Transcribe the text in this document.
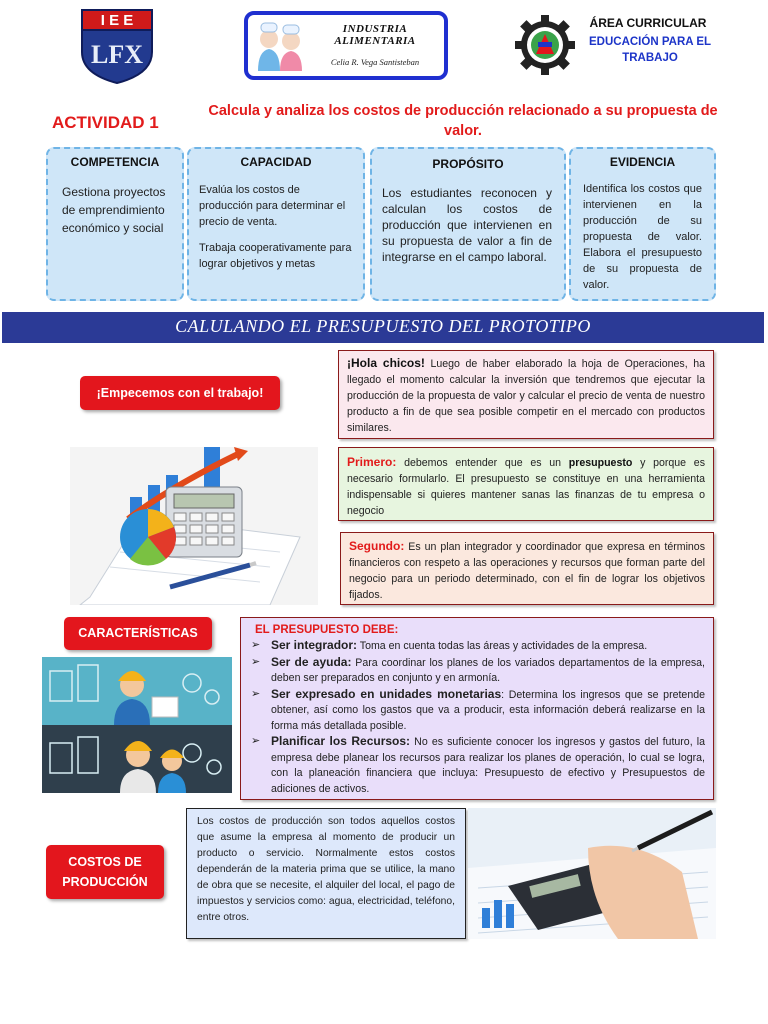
I E E
LFX
INDUSTRIA ALIMENTARIA
Celia R. Vega Santisteban
ÁREA CURRICULAR
EDUCACIÓN PARA EL TRABAJO
ACTIVIDAD 1
Calcula y analiza los costos de producción relacionado a su propuesta de valor.
COMPETENCIA
Gestiona proyectos de emprendimiento económico y social
CAPACIDAD
Evalúa los costos de producción para determinar el precio de venta.
Trabaja cooperativamente para lograr objetivos y metas
PROPÓSITO
Los estudiantes reconocen y calculan los costos de producción que intervienen en su propuesta de valor a fin de integrarse en el campo laboral.
EVIDENCIA
Identifica los costos que intervienen en la producción de su propuesta de valor. Elabora el presupuesto de su propuesta de valor.
CALULANDO EL PRESUPUESTO DEL PROTOTIPO
¡Empecemos con el trabajo!
CARACTERÍSTICAS
COSTOS DE PRODUCCIÓN
¡Hola chicos! Luego de haber elaborado la hoja de Operaciones, ha llegado el momento calcular la inversión que tendremos que ejecutar la producción de la propuesta de valor y calcular el precio de venta de nuestro producto a fin de que sea posible competir en el mercado con productos similares.
Primero: debemos entender que es un presupuesto y porque es necesario formularlo. El presupuesto se constituye en una herramienta indispensable si quieres mantener sanas las finanzas de tu empresa o negocio
Segundo: Es un plan integrador y coordinador que expresa en términos financieros con respeto a las operaciones y recursos que forman parte del negocio para un periodo determinado, con el fin de lograr los objetivos fijados.
EL PRESUPUESTO DEBE:
➢ Ser integrador: Toma en cuenta todas las áreas y actividades de la empresa.
➢ Ser de ayuda: Para coordinar los planes de los variados departamentos de la empresa, deben ser preparados en conjunto y en armonía.
➢ Ser expresado en unidades monetarias: Determina los ingresos que se pretende obtener, así como los gastos que va a producir, esta información deberá realizarse en la forma más detallada posible.
➢ Planificar los Recursos: No es suficiente conocer los ingresos y gastos del futuro, la empresa debe planear los recursos para realizar los planes de operación, lo cual se logra, con la planeación financiera que incluya: Presupuesto de efectivo y Presupuestos de adiciones de activos.
Los costos de producción son todos aquellos costos que asume la empresa al momento de producir un producto o servicio. Normalmente estos costos dependerán de la materia prima que se utilice, la mano de obra que se necesite, el alquiler del local, el pago de impuestos y servicios como: agua, electricidad, teléfono, entre otros.
